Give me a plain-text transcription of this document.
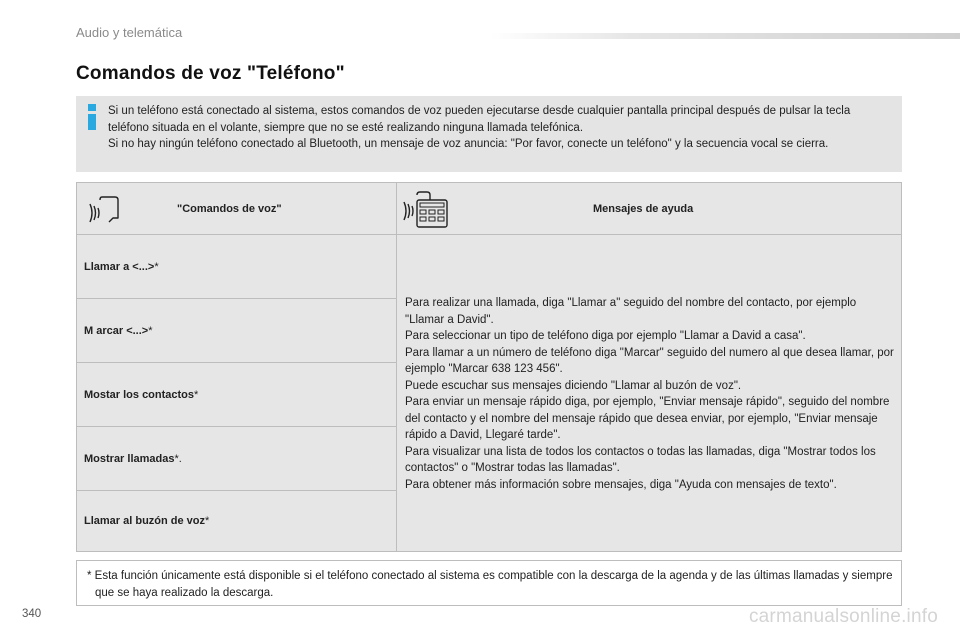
Audio y telemática
Comandos de voz "Teléfono"

Si un teléfono está conectado al sistema, estos comandos de voz pueden ejecutarse desde cualquier pantalla principal después de pulsar la tecla teléfono situada en el volante, siempre que no se esté realizando ninguna llamada telefónica.

Si no hay ningún teléfono conectado al Bluetooth, un mensaje de voz anuncia: "Por favor, conecte un teléfono" y la secuencia vocal se cierra.

"Comandos de voz"
Llamar a <...> *
M arcar <...> *
Mostar los contactos *
Mostrar llamadas *.
Llamar al buzón de voz *
Mensajes de ayuda

Para realizar una llamada, diga "Llamar a" seguido del nombre del contacto, por ejemplo "Llamar a David".

Para seleccionar un tipo de teléfono diga por ejemplo "Llamar a David a casa".

Para llamar a un número de teléfono diga "Marcar" seguido del numero al que desea llamar, por ejemplo "Marcar 638 123 456".

Puede escuchar sus mensajes diciendo "Llamar al buzón de voz".

Para enviar un mensaje rápido diga, por ejemplo, "Enviar mensaje rápido", seguido del nombre del contacto y el nombre del mensaje rápido que desea enviar, por ejemplo, "Enviar mensaje rápido a David, Llegaré tarde".

Para visualizar una lista de todos los contactos o todas las llamadas, diga "Mostrar todos los contactos" o "Mostrar todas las llamadas".

Para obtener más información sobre mensajes, diga "Ayuda con mensajes de texto".

* Esta función únicamente está disponible si el teléfono conectado al sistema es compatible con la descarga de la agenda y de las últimas llamadas y siempre que se haya realizado la descarga.
340	carmanualsonline.info
